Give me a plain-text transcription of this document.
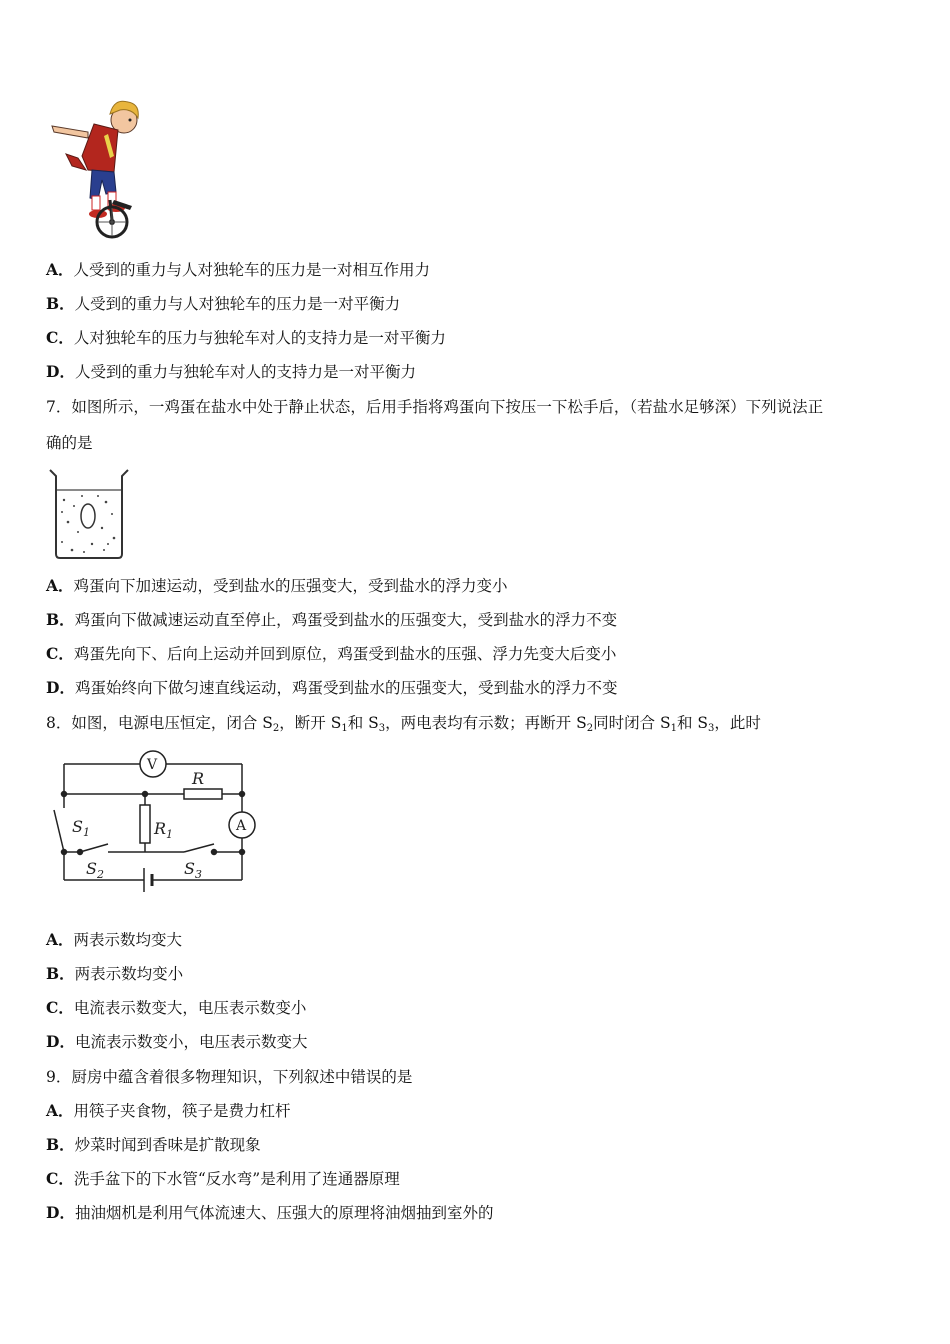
A．人受到的重力与人对独轮车的压力是一对相互作用力
B．人受到的重力与人对独轮车的压力是一对平衡力
C．人对独轮车的压力与独轮车对人的支持力是一对平衡力
D．人受到的重力与独轮车对人的支持力是一对平衡力
7．如图所示，一鸡蛋在盐水中处于静止状态，后用手指将鸡蛋向下按压一下松手后，（若盐水足够深）下列说法正
确的是
A．鸡蛋向下加速运动，受到盐水的压强变大，受到盐水的浮力变小
B．鸡蛋向下做减速运动直至停止，鸡蛋受到盐水的压强变大，受到盐水的浮力不变
C．鸡蛋先向下、后向上运动并回到原位，鸡蛋受到盐水的压强、浮力先变大后变小
D．鸡蛋始终向下做匀速直线运动，鸡蛋受到盐水的压强变大，受到盐水的浮力不变
8．如图，电源电压恒定，闭合 $S_2$，断开 $S_1$和 $S_3$，两电表均有示数；再断开 $S_2$同时闭合 $S_1$和 $S_3$，此时
V
R
$R_1$
$S_1$	A
$S_2$	$S_3$
A．两表示数均变大
B．两表示数均变小
C．电流表示数变大，电压表示数变小
D．电流表示数变小，电压表示数变大
9．厨房中蕴含着很多物理知识，下列叙述中错误的是
A．用筷子夹食物，筷子是费力杠杆
B．炒菜时闻到香味是扩散现象
C．洗手盆下的下水管“反水弯”是利用了连通器原理
D．抽油烟机是利用气体流速大、压强大的原理将油烟抽到室外的
